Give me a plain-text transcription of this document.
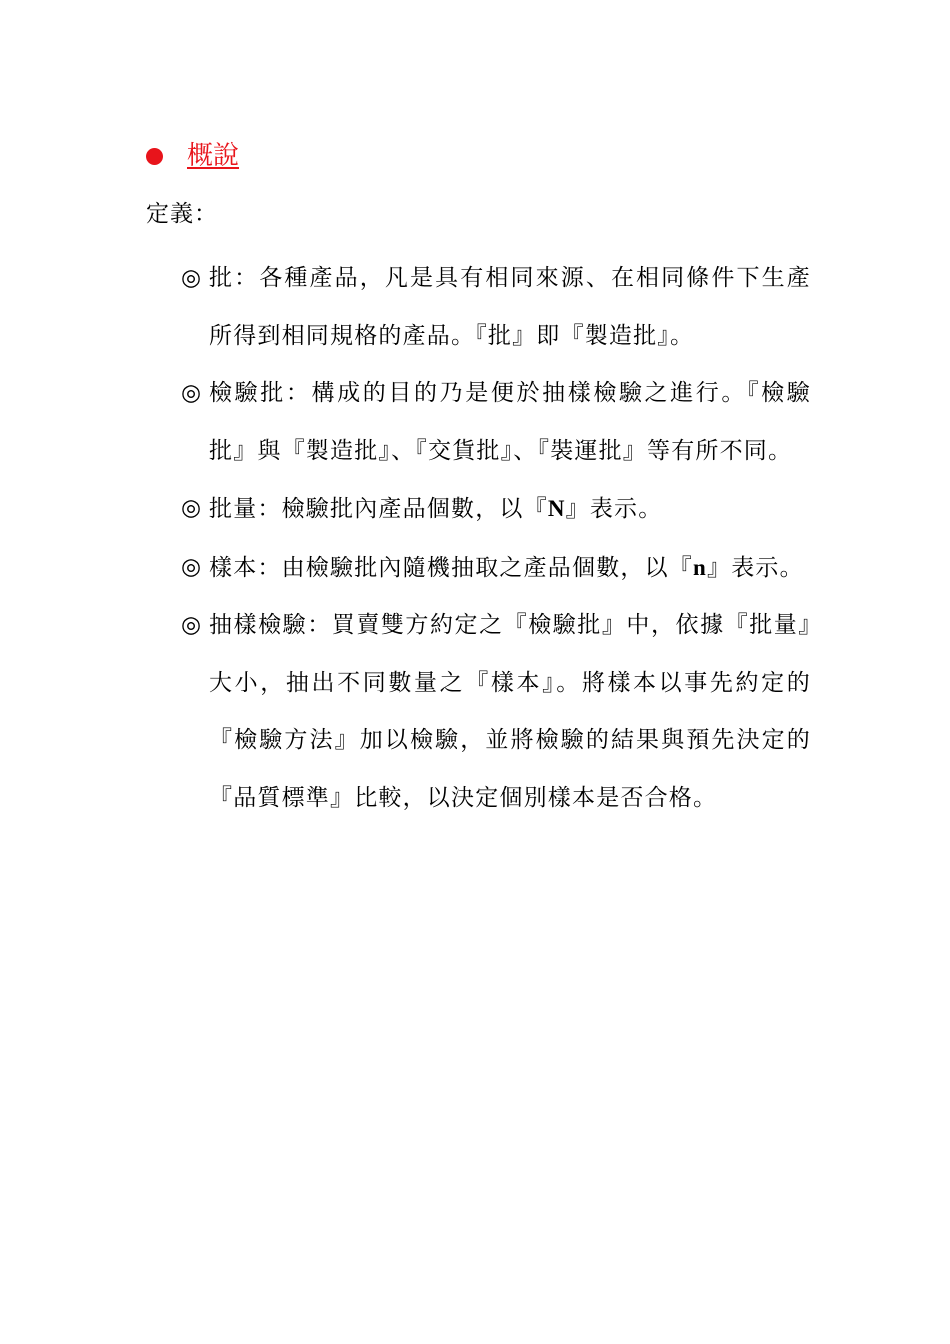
概說
定義：
◎ 批：各種產品，凡是具有相同來源、在相同條件下生產所得到相同規格的產品。『批』即『製造批』。
◎ 檢驗批：構成的目的乃是便於抽樣檢驗之進行。『檢驗批』與『製造批』、『交貨批』、『裝運批』等有所不同。
◎ 批量：檢驗批內產品個數，以『N』表示。
◎ 樣本：由檢驗批內隨機抽取之產品個數，以『n』表示。
◎ 抽樣檢驗：買賣雙方約定之『檢驗批』中，依據『批量』大小，抽出不同數量之『樣本』。將樣本以事先約定的『檢驗方法』加以檢驗，並將檢驗的結果與預先決定的『品質標準』比較，以決定個別樣本是否合格。
